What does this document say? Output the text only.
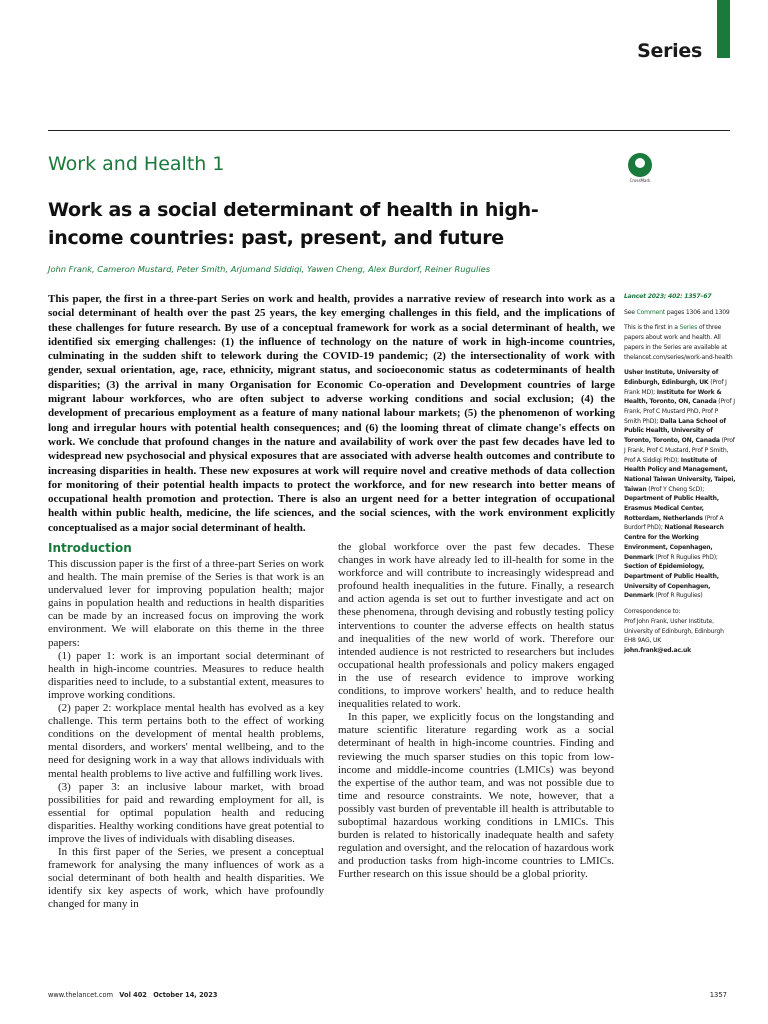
Series
Work and Health 1
CrossMark
Work as a social determinant of health in high-income countries: past, present, and future
John Frank, Cameron Mustard, Peter Smith, Arjumand Siddiqi, Yawen Cheng, Alex Burdorf, Reiner Rugulies
This paper, the first in a three-part Series on work and health, provides a narrative review of research into work as a social determinant of health over the past 25 years, the key emerging challenges in this field, and the implications of these challenges for future research. By use of a conceptual framework for work as a social determinant of health, we identified six emerging challenges: (1) the influence of technology on the nature of work in high-income countries, culminating in the sudden shift to telework during the COVID-19 pandemic; (2) the intersectionality of work with gender, sexual orientation, age, race, ethnicity, migrant status, and socioeconomic status as codeterminants of health disparities; (3) the arrival in many Organisation for Economic Co-operation and Development countries of large migrant labour workforces, who are often subject to adverse working conditions and social exclusion; (4) the development of precarious employment as a feature of many national labour markets; (5) the phenomenon of working long and irregular hours with potential health consequences; and (6) the looming threat of climate change's effects on work. We conclude that profound changes in the nature and availability of work over the past few decades have led to widespread new psychosocial and physical exposures that are associated with adverse health outcomes and contribute to increasing disparities in health. These new exposures at work will require novel and creative methods of data collection for monitoring of their potential health impacts to protect the workforce, and for new research into better means of occupational health promotion and protection. There is also an urgent need for a better integration of occupational health within public health, medicine, the life sciences, and the social sciences, with the work environment explicitly conceptualised as a major social determinant of health.

Lancet 2023; 402: 1357–67

See Comment pages 1306 and 1309

This is the first in a Series of three papers about work and health. All papers in the Series are available at thelancet.com/series/work-and-health

Usher Institute, University of Edinburgh, Edinburgh, UK (Prof J Frank MD); Institute for Work & Health, Toronto, ON, Canada (Prof J Frank, Prof C Mustard PhD, Prof P Smith PhD); Dalla Lana School of Public Health, University of Toronto, Toronto, ON, Canada (Prof J Frank, Prof C Mustard, Prof P Smith, Prof A Siddiqi PhD); Institute of Health Policy and Management, National Taiwan University, Taipei, Taiwan (Prof Y Cheng ScD); Department of Public Health, Erasmus Medical Center, Rotterdam, Netherlands (Prof A Burdorf PhD); National Research Centre for the Working Environment, Copenhagen, Denmark (Prof R Rugulies PhD); Section of Epidemiology, Department of Public Health, University of Copenhagen, Denmark (Prof R Rugulies)

Correspondence to:
Prof John Frank, Usher Institute, University of Edinburgh, Edinburgh EH8 9AG, UK
john.frank@ed.ac.uk

Introduction

This discussion paper is the first of a three-part Series on work and health. The main premise of the Series is that work is an undervalued lever for improving population health; major gains in population health and reductions in health disparities can be made by an increased focus on improving the work environment. We will elaborate on this theme in the three papers:

(1) paper 1: work is an important social determinant of health in high-income countries. Measures to reduce health disparities need to include, to a substantial extent, measures to improve working conditions.

(2) paper 2: workplace mental health has evolved as a key challenge. This term pertains both to the effect of working conditions on the development of mental health problems, mental disorders, and workers' mental wellbeing, and to the need for designing work in a way that allows individuals with mental health problems to live active and fulfilling work lives.

(3) paper 3: an inclusive labour market, with broad possibilities for paid and rewarding employment for all, is essential for optimal population health and reducing disparities. Healthy working conditions have great potential to improve the lives of individuals with disabling diseases.

In this first paper of the Series, we present a conceptual framework for analysing the many influences of work as a social determinant of both health and health disparities. We identify six key aspects of work, which have profoundly changed for many in

the global workforce over the past few decades. These changes in work have already led to ill-health for some in the workforce and will contribute to increasingly widespread and profound health inequalities in the future. Finally, a research and action agenda is set out to further investigate and act on these phenomena, through devising and robustly testing policy interventions to counter the adverse effects on health status and inequalities of the new world of work. Therefore our intended audience is not restricted to researchers but includes occupational health professionals and policy makers engaged in the use of research evidence to improve working conditions, to improve workers' health, and to reduce health inequalities related to work.

In this paper, we explicitly focus on the longstanding and mature scientific literature regarding work as a social determinant of health in high-income countries. Finding and reviewing the much sparser studies on this topic from low-income and middle-income countries (LMICs) was beyond the expertise of the author team, and was not possible due to time and resource constraints. We note, however, that a possibly vast burden of preventable ill health is attributable to suboptimal hazardous working conditions in LMICs. This burden is related to historically inadequate health and safety regulation and oversight, and the relocation of hazardous work and production tasks from high-income countries to LMICs. Further research on this issue should be a global priority.

www.thelancet.com Vol 402 October 14, 2023	1357
